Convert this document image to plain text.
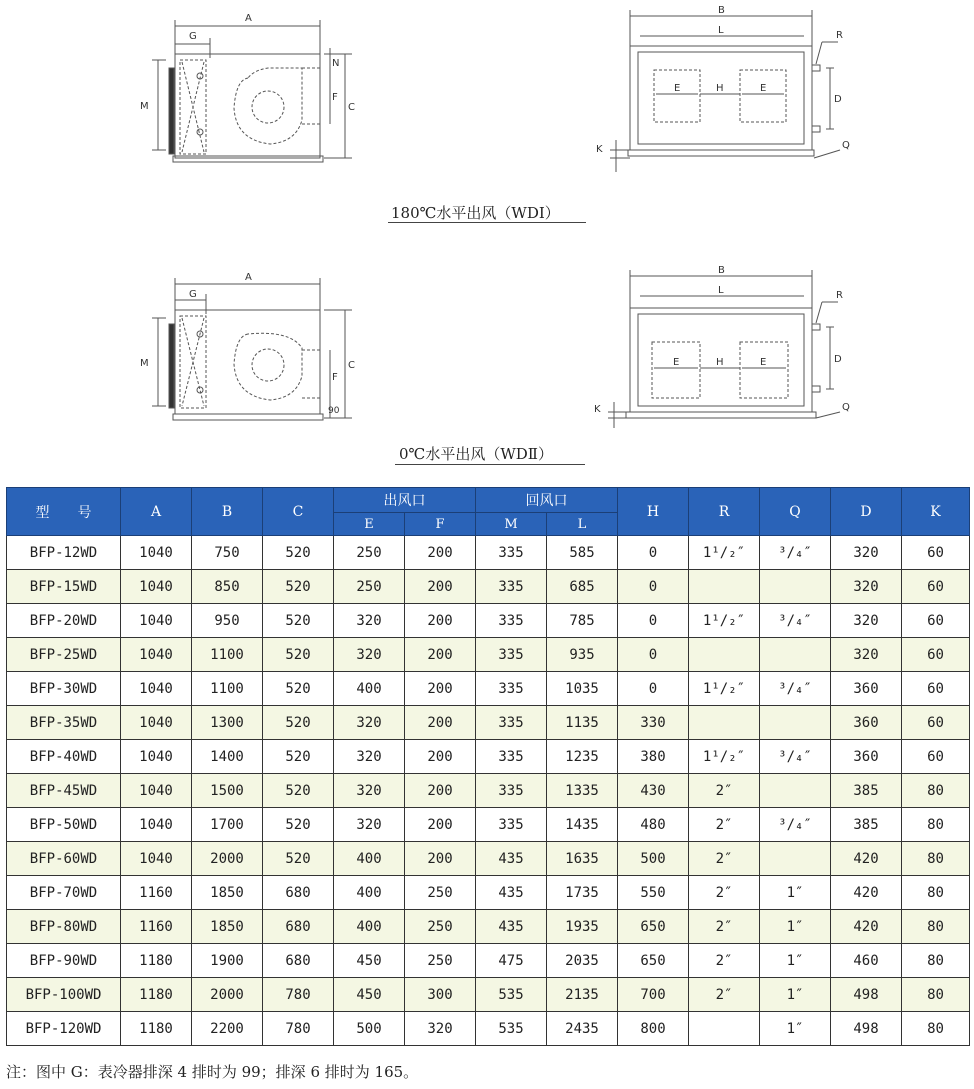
A
G
M
N
F
C
B
L
E	H	E
R
D
Q
K
180℃水平出风（WDⅠ）
A
G
M
F
90
C
B
L
E	H	E
R
D
Q
K
0℃水平出风（WDⅡ）
型　　号	A	B	C	出风口		回风口		H	R	Q	D	K
				E	F	M	L					
BFP-12WD	1040	750	520	250	200	335	585	0	1¹/₂″	³/₄″	320	60
BFP-15WD	1040	850	520	250	200	335	685	0			320	60
BFP-20WD	1040	950	520	320	200	335	785	0	1¹/₂″	³/₄″	320	60
BFP-25WD	1040	1100	520	320	200	335	935	0			320	60
BFP-30WD	1040	1100	520	400	200	335	1035	0	1¹/₂″	³/₄″	360	60
BFP-35WD	1040	1300	520	320	200	335	1135	330			360	60
BFP-40WD	1040	1400	520	320	200	335	1235	380	1¹/₂″	³/₄″	360	60
BFP-45WD	1040	1500	520	320	200	335	1335	430	2″		385	80
BFP-50WD	1040	1700	520	320	200	335	1435	480	2″	³/₄″	385	80
BFP-60WD	1040	2000	520	400	200	435	1635	500	2″		420	80
BFP-70WD	1160	1850	680	400	250	435	1735	550	2″	1″	420	80
BFP-80WD	1160	1850	680	400	250	435	1935	650	2″	1″	420	80
BFP-90WD	1180	1900	680	450	250	475	2035	650	2″	1″	460	80
BFP-100WD	1180	2000	780	450	300	535	2135	700	2″	1″	498	80
BFP-120WD	1180	2200	780	500	320	535	2435	800		1″	498	80
注：图中 G：表冷器排深 4 排时为 99；排深 6 排时为 165。
